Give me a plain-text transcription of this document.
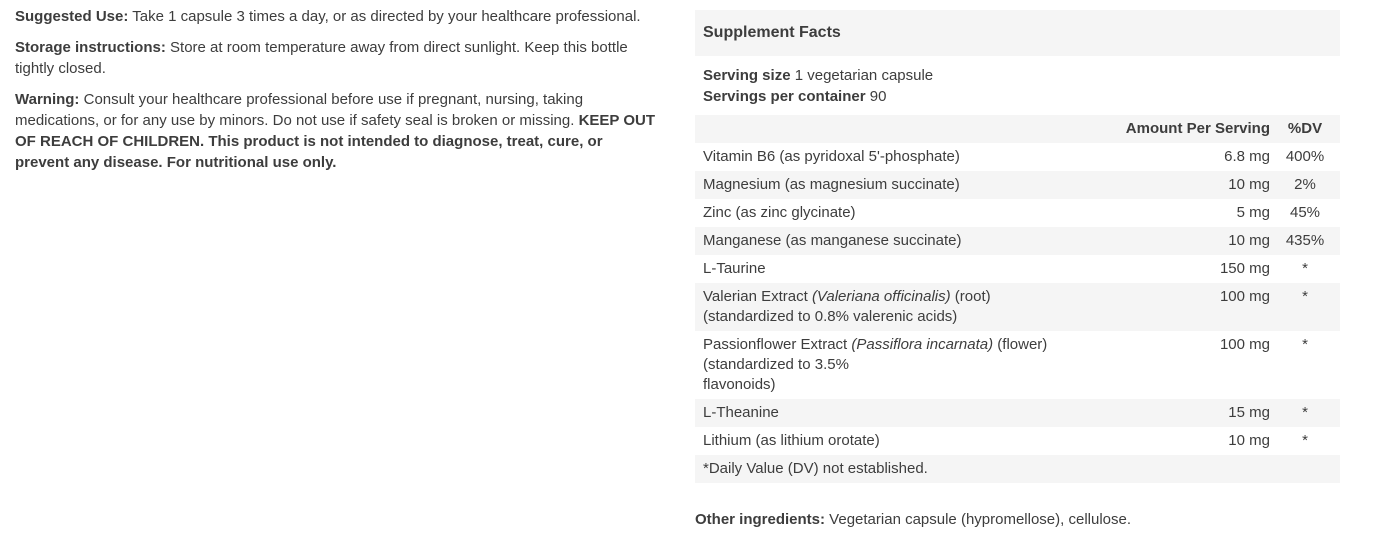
Suggested Use: Take 1 capsule 3 times a day, or as directed by your healthcare professional.

Storage instructions: Store at room temperature away from direct sunlight. Keep this bottle tightly closed.

Warning: Consult your healthcare professional before use if pregnant, nursing, taking medications, or for any use by minors. Do not use if safety seal is broken or missing. KEEP OUT OF REACH OF CHILDREN. This product is not intended to diagnose, treat, cure, or prevent any disease. For nutritional use only.

Supplement Facts
Serving size 1 vegetarian capsule
Servings per container 90
Amount Per Serving	%DV
Vitamin B6 (as pyridoxal 5'-phosphate)	6.8 mg	400%
Magnesium (as magnesium succinate)	10 mg	2%
Zinc (as zinc glycinate)	5 mg	45%
Manganese (as manganese succinate)	10 mg	435%
L-Taurine	150 mg	*
Valerian Extract (Valeriana officinalis) (root)
(standardized to 0.8% valerenic acids)
100 mg	*
Passionflower Extract (Passiflora incarnata) (flower) (standardized to 3.5%
flavonoids)
100 mg	*
L-Theanine	15 mg	*
Lithium (as lithium orotate)	10 mg	*
*Daily Value (DV) not established.

Other ingredients: Vegetarian capsule (hypromellose), cellulose.
